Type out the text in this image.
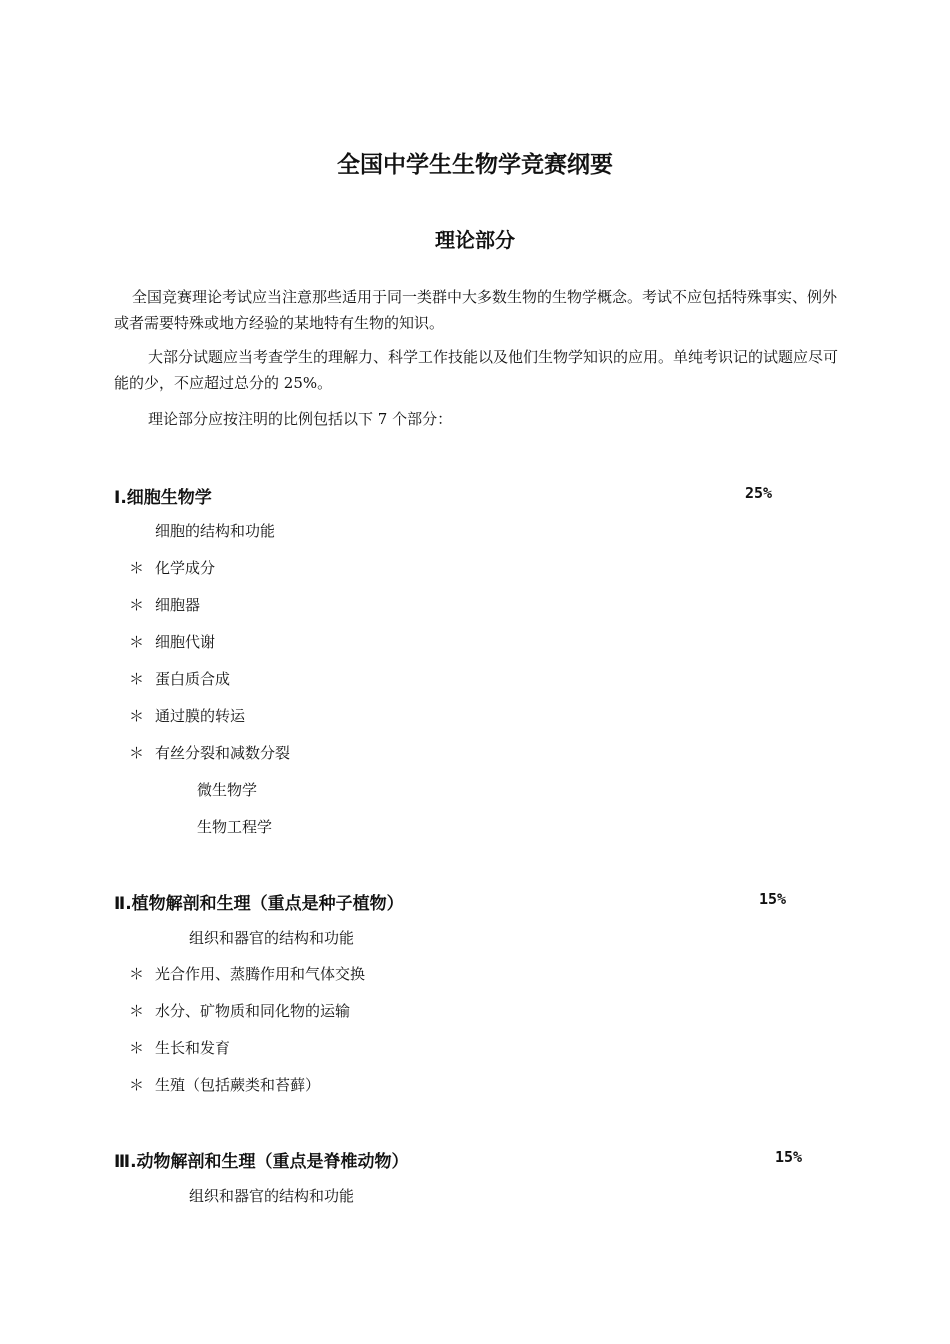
全国中学生生物学竞赛纲要
理论部分
全国竞赛理论考试应当注意那些适用于同一类群中大多数生物的生物学概念。考试不应包括特殊事实、例外或者需要特殊或地方经验的某地特有生物的知识。
大部分试题应当考查学生的理解力、科学工作技能以及他们生物学知识的应用。单纯考识记的试题应尽可能的少，不应超过总分的 25%。
理论部分应按注明的比例包括以下 7 个部分：
Ⅰ.细胞生物学	25%
细胞的结构和功能
＊ 化学成分
＊ 细胞器
＊ 细胞代谢
＊ 蛋白质合成
＊ 通过膜的转运
＊ 有丝分裂和减数分裂
微生物学
生物工程学
Ⅱ.植物解剖和生理（重点是种子植物）	15%
组织和器官的结构和功能
＊ 光合作用、蒸腾作用和气体交换
＊ 水分、矿物质和同化物的运输
＊ 生长和发育
＊ 生殖（包括蕨类和苔藓）
Ⅲ.动物解剖和生理（重点是脊椎动物）	15%
组织和器官的结构和功能
